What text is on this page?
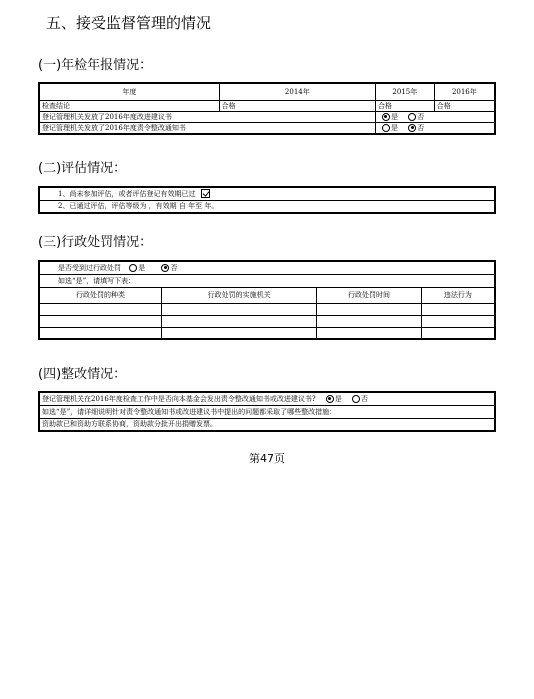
五、接受监督管理的情况
(一)年检年报情况：
年度	2014年	2015年	2016年
检查结论	合格	合格	合格
登记管理机关发放了2016年度改进建议书		是 否	
登记管理机关发放了2016年度责令整改通知书		是 否	
(二)评估情况：
1、尚未参加评估，或者评估登记有效期已过
2、已通过评估，评估等级为 ，有效期 自 年至 年。
(三)行政处罚情况：
是否受到过行政处罚 是 否			
如选“是”，请填写下表：			
行政处罚的种类	行政处罚的实施机关	行政处罚时间	违法行为

(四)整改情况：
登记管理机关在2016年度检查工作中是否向本基金会发出责令整改通知书或改进建议书?	是	否
如选“是”，请详细说明针对责令整改通知书或改进建议书中提出的问题都采取了哪些整改措施：
资助款已和资助方联系协商，资助款分批开出捐赠发票。
第47页
